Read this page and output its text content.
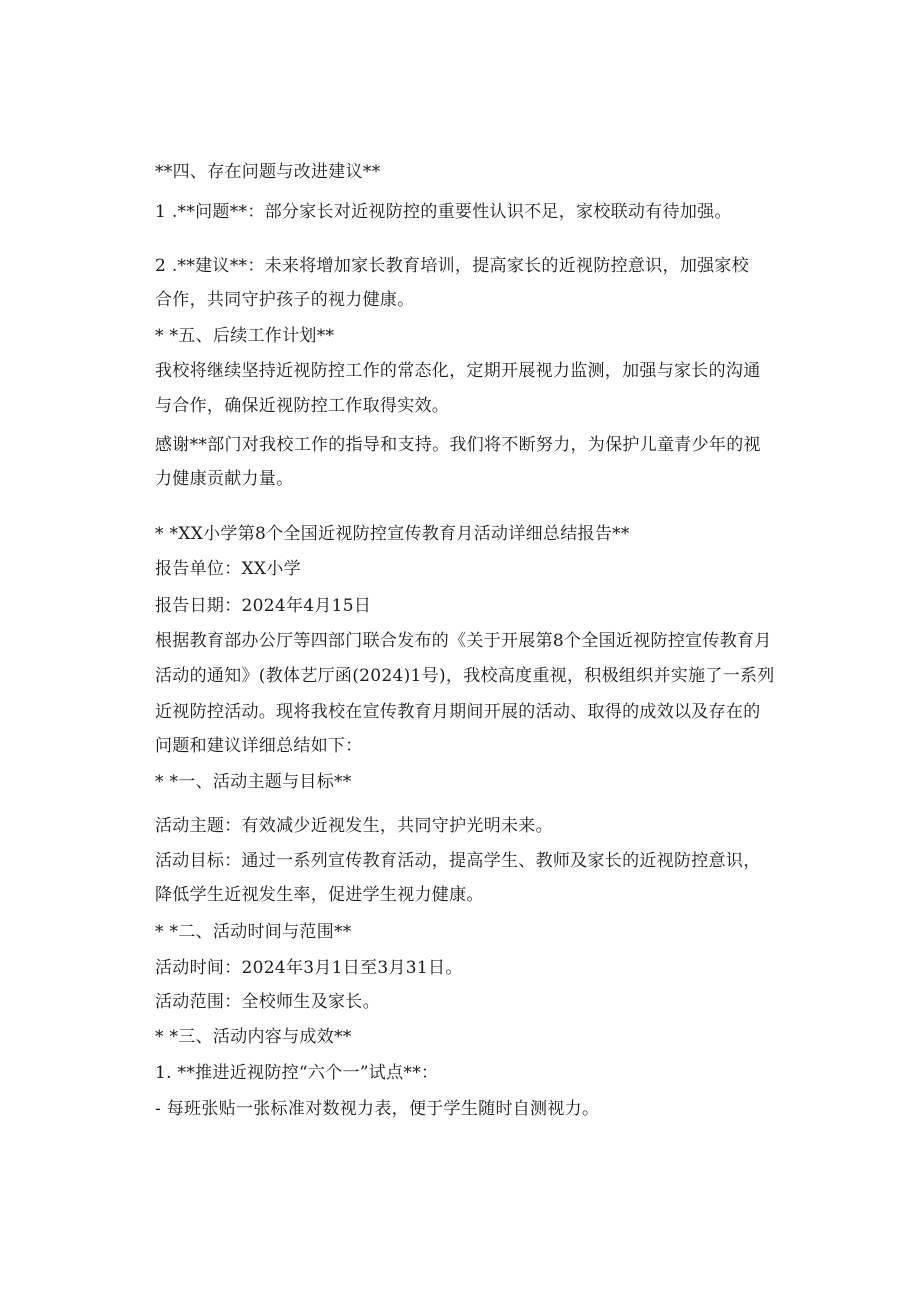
**四、存在问题与改进建议**
1 .**问题**：部分家长对近视防控的重要性认识不足，家校联动有待加强。
2 .**建议**：未来将增加家长教育培训，提高家长的近视防控意识，加强家校
合作，共同守护孩子的视力健康。
* *五、后续工作计划**
我校将继续坚持近视防控工作的常态化，定期开展视力监测，加强与家长的沟通
与合作，确保近视防控工作取得实效。
感谢**部门对我校工作的指导和支持。我们将不断努力，为保护儿童青少年的视
力健康贡献力量。
* *XX小学第8个全国近视防控宣传教育月活动详细总结报告**
报告单位：XX小学
报告日期：2024年4月15日
根据教育部办公厅等四部门联合发布的《关于开展第8个全国近视防控宣传教育月
活动的通知》(教体艺厅函(2024)1号)，我校高度重视，积极组织并实施了一系列
近视防控活动。现将我校在宣传教育月期间开展的活动、取得的成效以及存在的
问题和建议详细总结如下：
* *一、活动主题与目标**
活动主题：有效减少近视发生，共同守护光明未来。
活动目标：通过一系列宣传教育活动，提高学生、教师及家长的近视防控意识，
降低学生近视发生率，促进学生视力健康。
* *二、活动时间与范围**
活动时间：2024年3月1日至3月31日。
活动范围：全校师生及家长。
* *三、活动内容与成效**
1. **推进近视防控“六个一”试点**：
- 每班张贴一张标准对数视力表，便于学生随时自测视力。
